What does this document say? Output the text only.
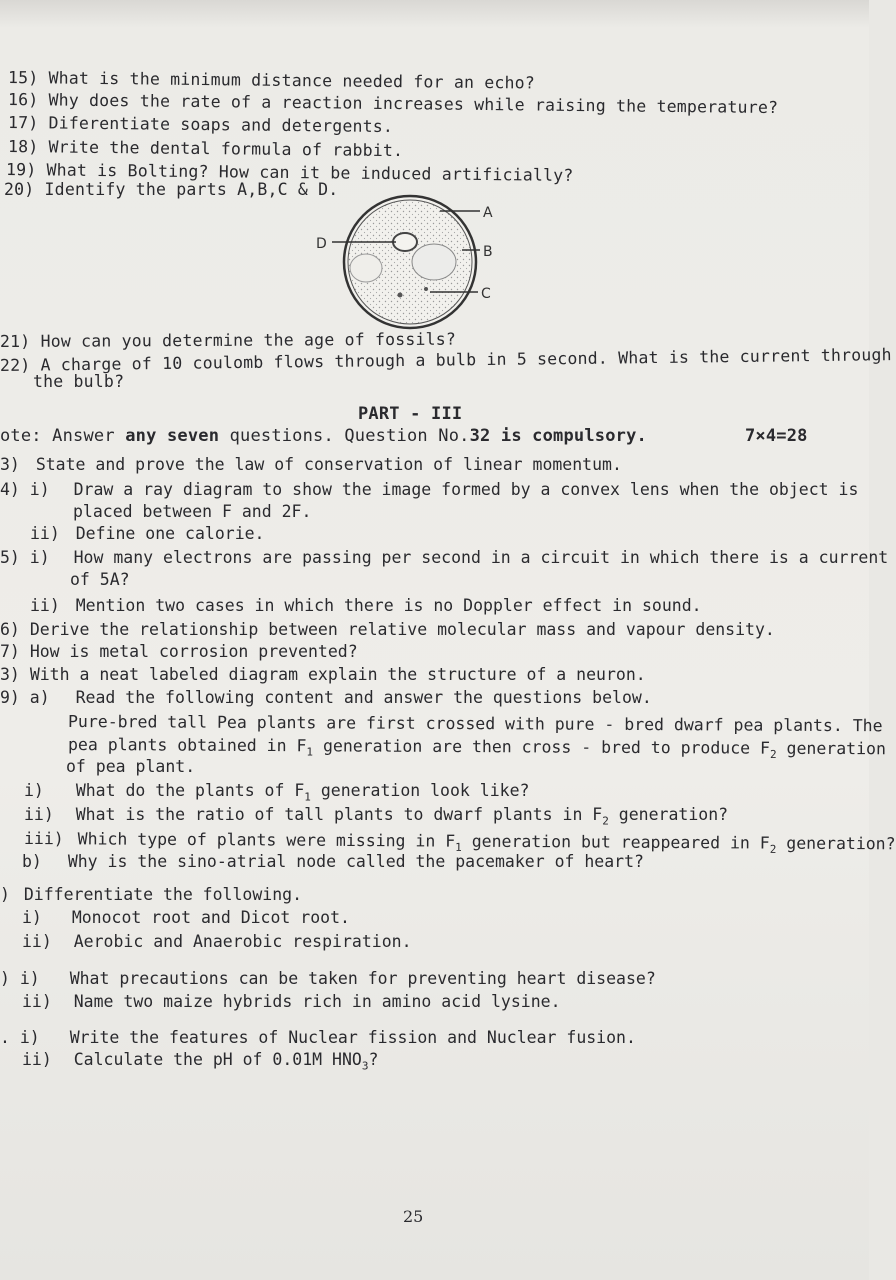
15) What is the minimum distance needed for an echo?
16) Why does the rate of a reaction increases while raising the temperature?
17) Diferentiate soaps and detergents.
18) Write the dental formula of rabbit.
19) What is Bolting? How can it be induced artificially?
20) Identify the parts A,B,C & D.
D
A
B
C
21) How can you determine the age of fossils?
22) A charge of 10 coulomb flows through a bulb in 5 second. What is the current through
the bulb?
PART - III
ote: Answer any seven questions. Question No.32 is compulsory.	7×4=28
3) State and prove the law of conservation of linear momentum.
4) i) Draw a ray diagram to show the image formed by a convex lens when the object is
placed between F and 2F.
ii) Define one calorie.
5) i) How many electrons are passing per second in a circuit in which there is a current
of 5A?
ii) Mention two cases in which there is no Doppler effect in sound.
6) Derive the relationship between relative molecular mass and vapour density.
7) How is metal corrosion prevented?
3) With a neat labeled diagram explain the structure of a neuron.
9) a) Read the following content and answer the questions below.
Pure-bred tall Pea plants are first crossed with pure - bred dwarf pea plants. The
pea plants obtained in $F_1$ generation are then cross - bred to produce $F_2$ generation
of pea plant.
i) What do the plants of $F_1$ generation look like?
ii) What is the ratio of tall plants to dwarf plants in $F_2$ generation?
iii) Which type of plants were missing in $F_1$ generation but reappeared in $F_2$ generation?
b) Why is the sino-atrial node called the pacemaker of heart?
) Differentiate the following.
i) Monocot root and Dicot root.
ii) Aerobic and Anaerobic respiration.
) i) What precautions can be taken for preventing heart disease?
ii) Name two maize hybrids rich in amino acid lysine.
. i) Write the features of Nuclear fission and Nuclear fusion.
ii) Calculate the pH of 0.01M $HNO_3$?
25
